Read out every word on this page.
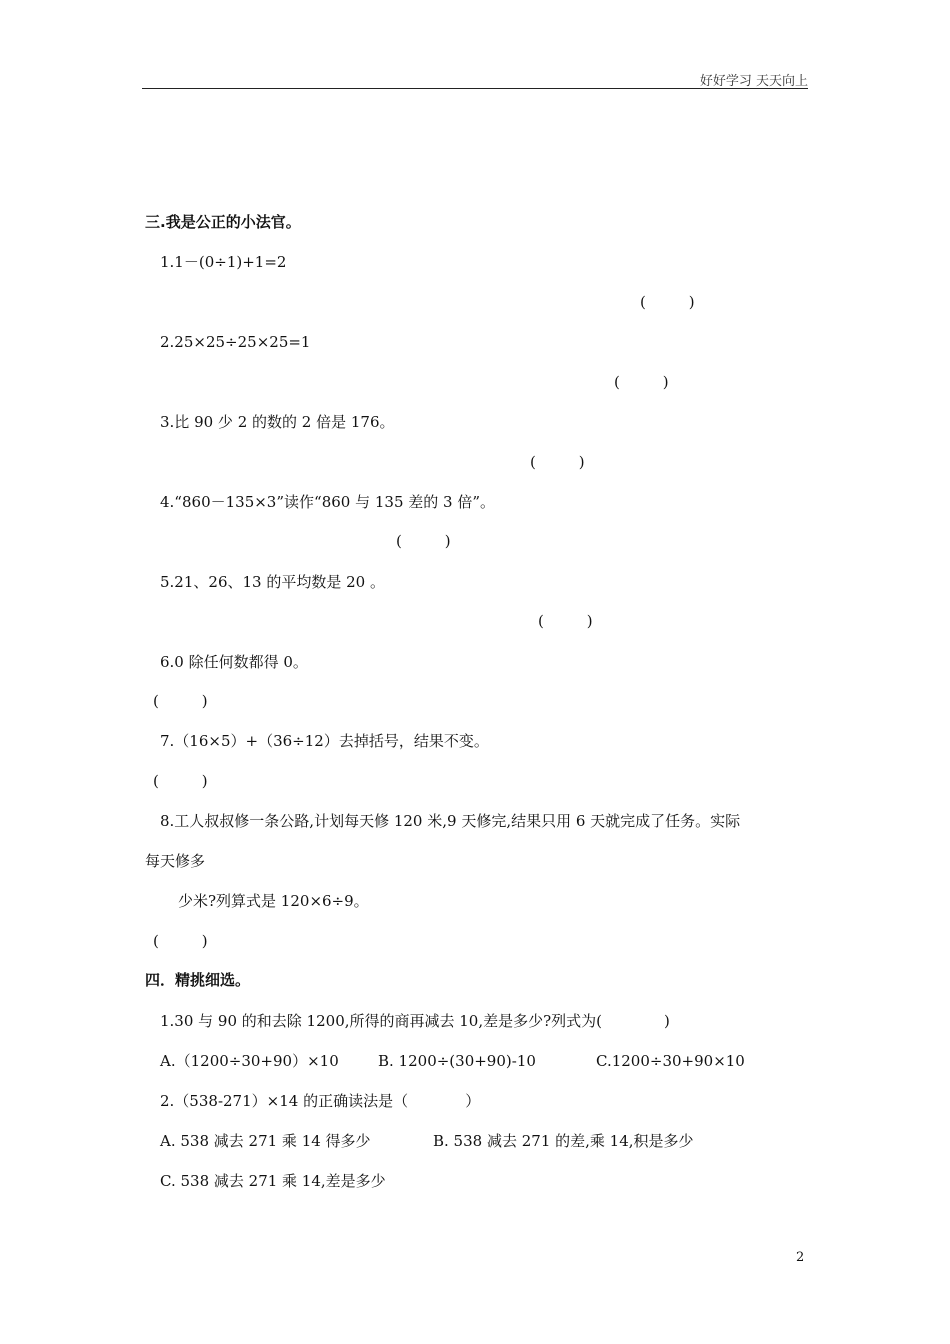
好好学习 天天向上
三.我是公正的小法官。
1.1－(0÷1)+1=2
(         )
2.25×25÷25×25=1
(         )
3.比 90 少 2 的数的 2 倍是 176。
(         )
4.“860－135×3”读作“860 与 135 差的 3 倍”。
(         )
5.21、26、13 的平均数是 20 。
(         )
6.0 除任何数都得 0。
(         )
7.（16×5）+（36÷12）去掉括号，结果不变。
(         )
8.工人叔叔修一条公路,计划每天修 120 米,9 天修完,结果只用 6 天就完成了任务。实际
每天修多
少米?列算式是 120×6÷9。
(         )
四．精挑细选。
1.30 与 90 的和去除 1200,所得的商再减去 10,差是多少?列式为(             )
A.（1200÷30+90）×10	B. 1200÷(30+90)-10	C.1200÷30+90×10
2.（538-271）×14 的正确读法是（            ）
A. 538 减去 271 乘 14 得多少	B. 538 减去 271 的差,乘 14,积是多少
C. 538 减去 271 乘 14,差是多少
2
